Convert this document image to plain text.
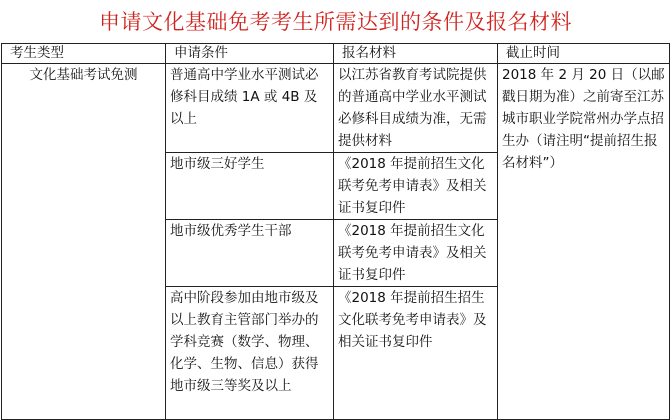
申请文化基础免考考生所需达到的条件及报名材料
考生类型	申请条件	报名材料	截止时间
文化基础考试免测	普通高中学业水平测试必修科目成绩 1A 或 4B 及以上	以江苏省教育考试院提供的普通高中学业水平测试必修科目成绩为准，无需提供材料	2018 年 2 月 20 日（以邮戳日期为准）之前寄至江苏城市职业学院常州办学点招生办（请注明“提前招生报名材料”）
	地市级三好学生	《2018 年提前招生文化联考免考申请表》及相关证书复印件	
	地市级优秀学生干部	《2018 年提前招生文化联考免考申请表》及相关证书复印件	
	高中阶段参加由地市级及以上教育主管部门举办的学科竞赛（数学、物理、化学、生物、信息）获得地市级三等奖及以上	《2018 年提前招生招生文化联考免考申请表》及相关证书复印件	
